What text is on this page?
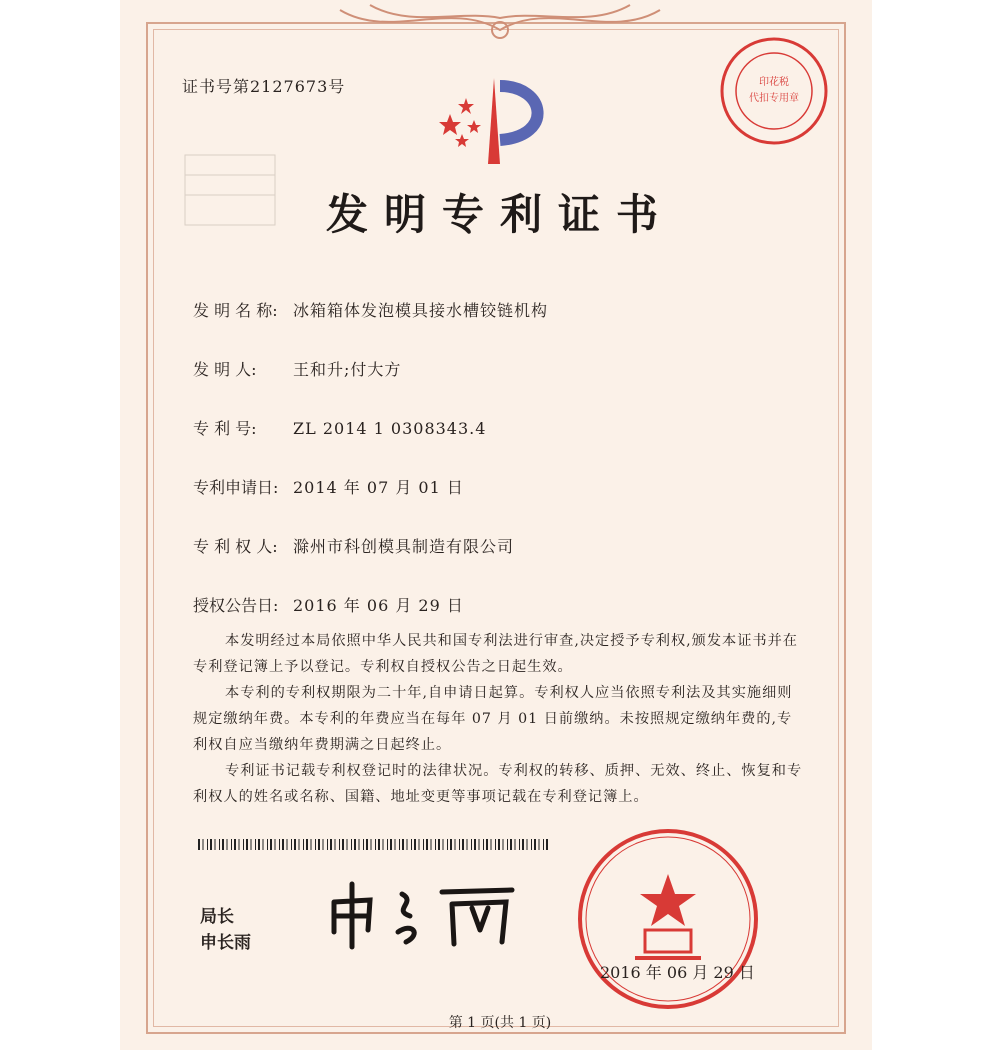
证书号第2127673号	印花税
代扣专用章
发明专利证书
发 明 名 称: 冰箱箱体发泡模具接水槽铰链机构
发 明 人: 王和升;付大方
专 利 号: ZL 2014 1 0308343.4
专利申请日: 2014 年 07 月 01 日
专 利 权 人: 滁州市科创模具制造有限公司
授权公告日: 2016 年 06 月 29 日

本发明经过本局依照中华人民共和国专利法进行审查,决定授予专利权,颁发本证书并在专利登记簿上予以登记。专利权自授权公告之日起生效。

本专利的专利权期限为二十年,自申请日起算。专利权人应当依照专利法及其实施细则规定缴纳年费。本专利的年费应当在每年 07 月 01 日前缴纳。未按照规定缴纳年费的,专利权自应当缴纳年费期满之日起终止。

专利证书记载专利权登记时的法律状况。专利权的转移、质押、无效、终止、恢复和专利权人的姓名或名称、国籍、地址变更等事项记载在专利登记簿上。

局长
申长雨
2016 年 06 月 29 日
第 1 页(共 1 页)
